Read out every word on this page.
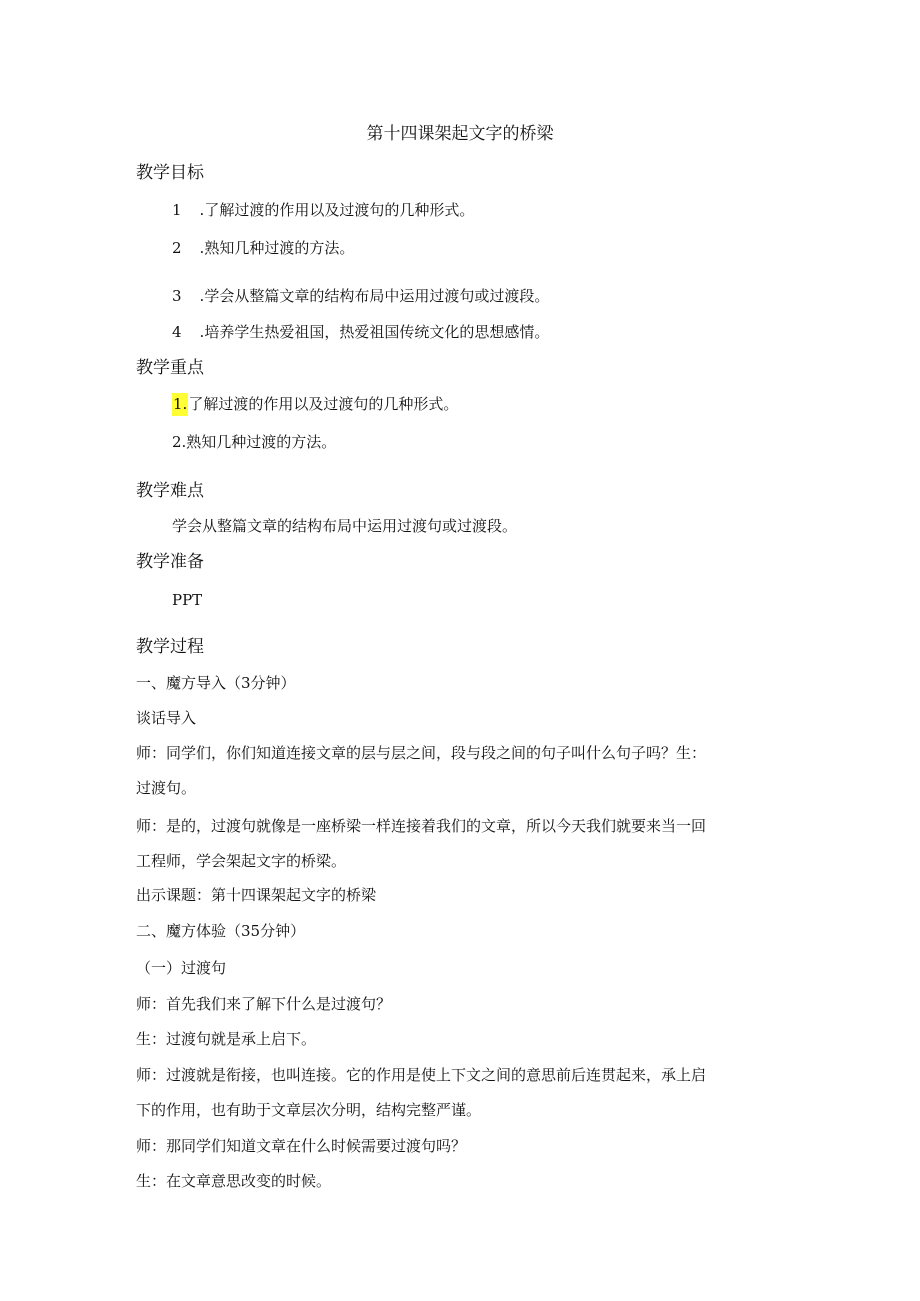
第十四课架起文字的桥梁
教学目标
1 .了解过渡的作用以及过渡句的几种形式。
2 .熟知几种过渡的方法。
3 .学会从整篇文章的结构布局中运用过渡句或过渡段。
4 .培养学生热爱祖国，热爱祖国传统文化的思想感情。
教学重点
1.了解过渡的作用以及过渡句的几种形式。
2.熟知几种过渡的方法。
教学难点
学会从整篇文章的结构布局中运用过渡句或过渡段。
教学准备
PPT
教学过程
一、魔方导入（3分钟）
谈话导入
师：同学们，你们知道连接文章的层与层之间，段与段之间的句子叫什么句子吗？生：
过渡句。
师：是的，过渡句就像是一座桥梁一样连接着我们的文章，所以今天我们就要来当一回
工程师，学会架起文字的桥梁。
出示课题：第十四课架起文字的桥梁
二、魔方体验（35分钟）
（一）过渡句
师：首先我们来了解下什么是过渡句？
生：过渡句就是承上启下。
师：过渡就是衔接，也叫连接。它的作用是使上下文之间的意思前后连贯起来，承上启
下的作用，也有助于文章层次分明，结构完整严谨。
师：那同学们知道文章在什么时候需要过渡句吗？
生：在文章意思改变的时候。
